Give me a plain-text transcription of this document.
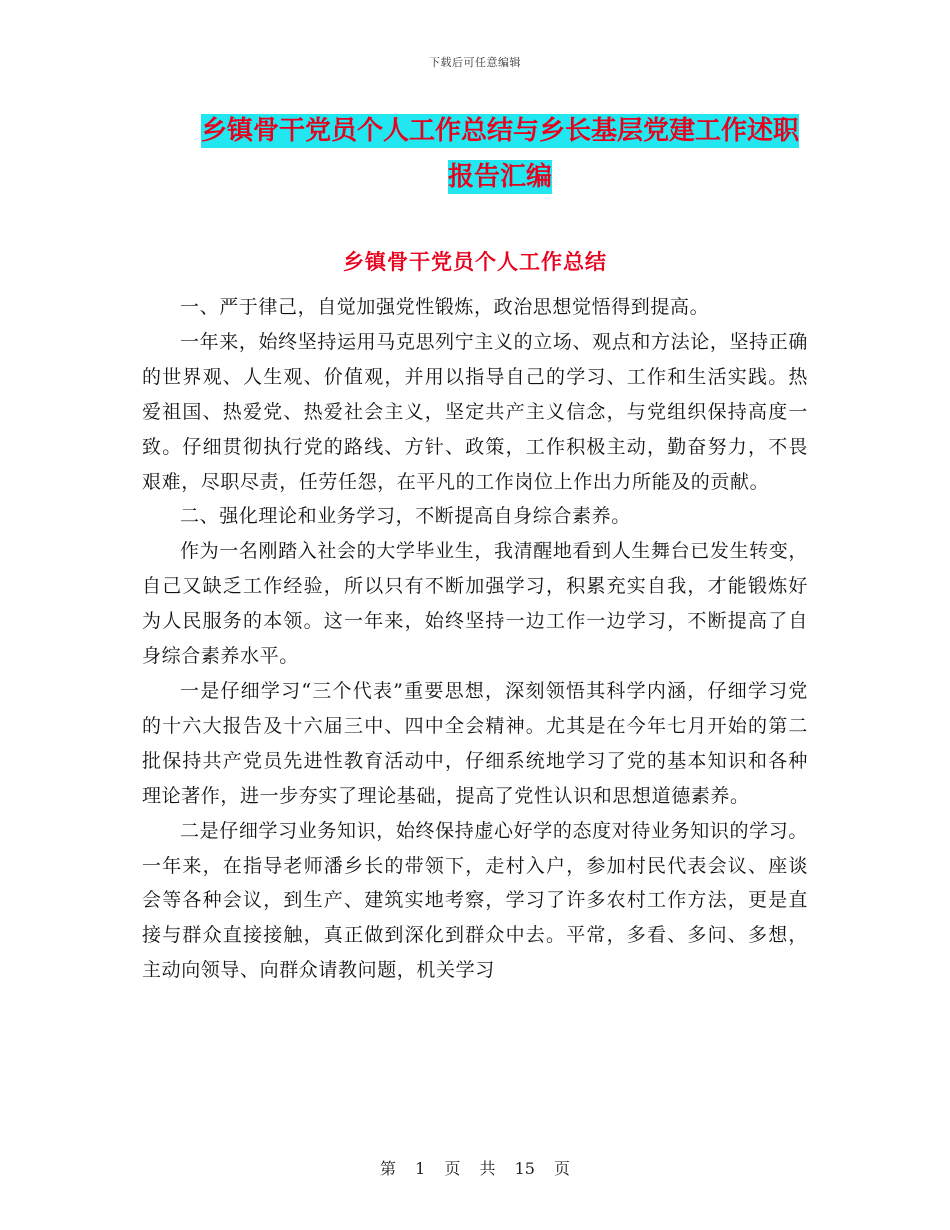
下载后可任意编辑
乡镇骨干党员个人工作总结与乡长基层党建工作述职报告汇编
乡镇骨干党员个人工作总结

一、严于律己，自觉加强党性锻炼，政治思想觉悟得到提高。

一年来，始终坚持运用马克思列宁主义的立场、观点和方法论，坚持正确的世界观、人生观、价值观，并用以指导自己的学习、工作和生活实践。热爱祖国、热爱党、热爱社会主义，坚定共产主义信念，与党组织保持高度一致。仔细贯彻执行党的路线、方针、政策，工作积极主动，勤奋努力，不畏艰难，尽职尽责，任劳任怨，在平凡的工作岗位上作出力所能及的贡献。

二、强化理论和业务学习，不断提高自身综合素养。

作为一名刚踏入社会的大学毕业生，我清醒地看到人生舞台已发生转变，自己又缺乏工作经验，所以只有不断加强学习，积累充实自我，才能锻炼好为人民服务的本领。这一年来，始终坚持一边工作一边学习，不断提高了自身综合素养水平。

一是仔细学习“三个代表”重要思想，深刻领悟其科学内涵，仔细学习党的十六大报告及十六届三中、四中全会精神。尤其是在今年七月开始的第二批保持共产党员先进性教育活动中，仔细系统地学习了党的基本知识和各种理论著作，进一步夯实了理论基础，提高了党性认识和思想道德素养。

二是仔细学习业务知识，始终保持虚心好学的态度对待业务知识的学习。一年来，在指导老师潘乡长的带领下，走村入户，参加村民代表会议、座谈会等各种会议，到生产、建筑实地考察，学习了许多农村工作方法，更是直接与群众直接接触，真正做到深化到群众中去。平常，多看、多问、多想，主动向领导、向群众请教问题，机关学习

第 1 页 共 15 页
